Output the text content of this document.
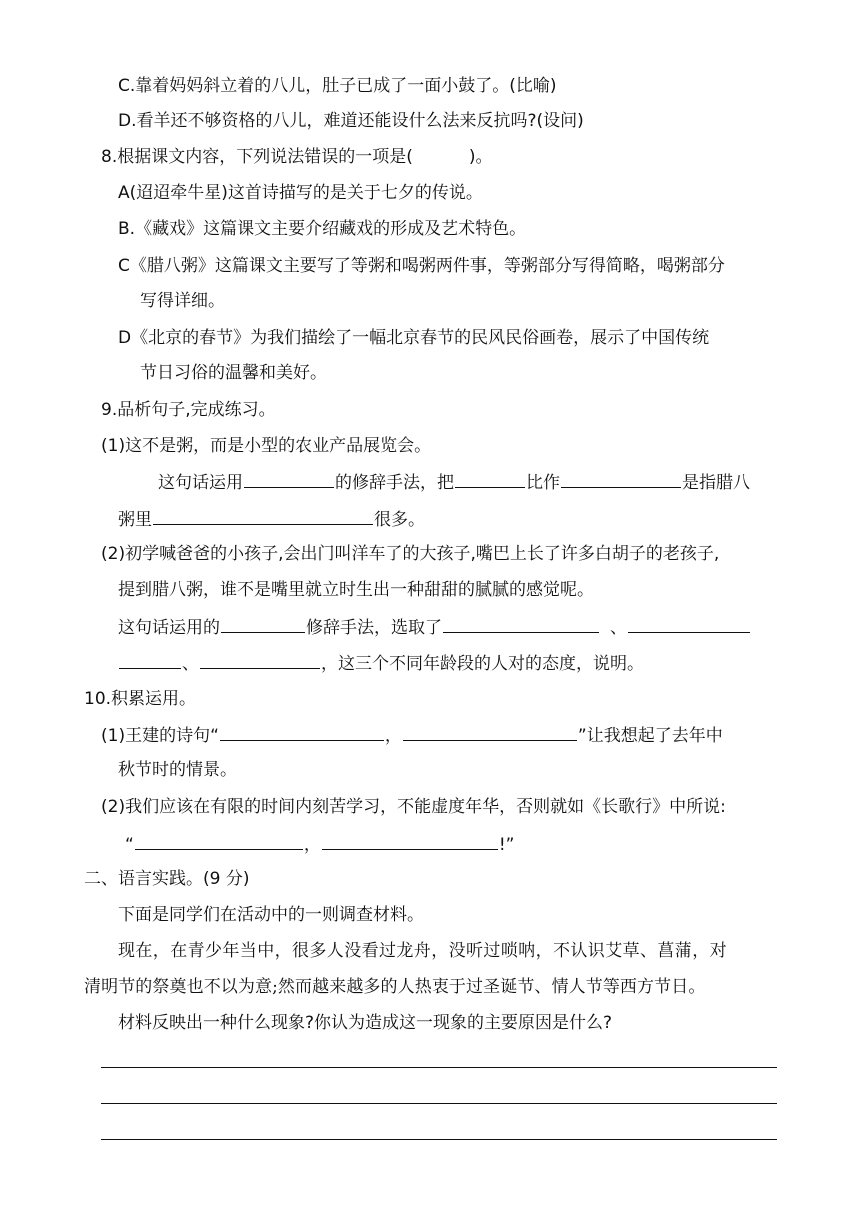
C.靠着妈妈斜立着的八儿，肚子已成了一面小鼓了。(比喻)
D.看羊还不够资格的八儿，难道还能设什么法来反抗吗?(设问)
8.根据课文内容，下列说法错误的一项是(	)。
A(迢迢牵牛星)这首诗描写的是关于七夕的传说。
B.《藏戏》这篇课文主要介绍藏戏的形成及艺术特色。
C《腊八粥》这篇课文主要写了等粥和喝粥两件事，等粥部分写得简略，喝粥部分
写得详细。
D《北京的春节》为我们描绘了一幅北京春节的民风民俗画卷，展示了中国传统
节日习俗的温馨和美好。
9.品析句子,完成练习。
(1)这不是粥，而是小型的农业产品展览会。
这句话运用	的修辞手法，把	比作	是指腊八
粥里	很多。
(2)初学喊爸爸的小孩子,会出门叫洋车了的大孩子,嘴巴上长了许多白胡子的老孩子,
提到腊八粥，谁不是嘴里就立时生出一种甜甜的腻腻的感觉呢。
这句话运用的	修辞手法，选取了	、
、	，这三个不同年龄段的人对的态度，说明。
10.积累运用。
(1)王建的诗句“	，	”让我想起了去年中
秋节时的情景。
(2)我们应该在有限的时间内刻苦学习，不能虚度年华，否则就如《长歌行》中所说:
“	，	!”
二、语言实践。(9 分)
下面是同学们在活动中的一则调查材料。
现在，在青少年当中，很多人没看过龙舟，没听过唢呐，不认识艾草、菖蒲，对
清明节的祭奠也不以为意;然而越来越多的人热衷于过圣诞节、情人节等西方节日。
材料反映出一种什么现象?你认为造成这一现象的主要原因是什么?
